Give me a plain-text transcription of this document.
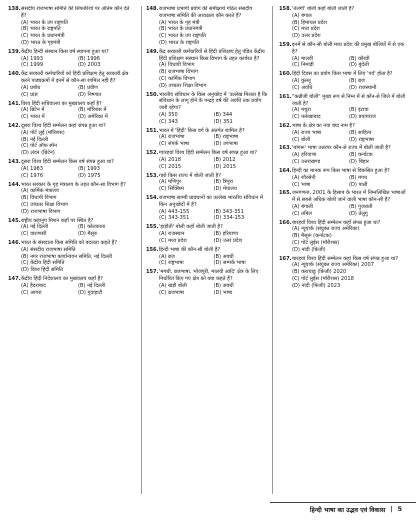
138. संसदीय राजभाषा समिति की सिफारिशों पर अंतिम कौन देते हैं?
(A) भारत के उप राष्ट्रपति
(B) भारत के राष्ट्रपति
(C) भारत के प्रधानमंत्री
(D) भारत के गृहमंत्री
139. केंद्रीय हिन्दी संस्थान किस वर्ष स्थापना हुआ था?
(A) 1993	(B) 1996
(C) 1999	(D) 2003
140. केंद्र सरकारी कर्मचारियों को हिंदी प्रशिक्षण हेतु सरकारी क्षेत्र करने पाठ्यक्रमों में इनमें से कौन-सा शामिल नहीं है?
(A) प्रबोध	(B) प्रवीण
(C) प्राज्ञ	(D) निष्णात
141. विश्व हिंदी सचिवालय का मुख्यालय कहाँ है?
(A) ब्रिटेन में	(B) मॉरिशस में
(C) भारत में	(D) अमेरिका में
142. दूसरा विश्व हिंदी सम्मेलन कहां संपन्न हुआ था?
(A) पोर्ट लुई (मॉरिशस)
(B) नई दिल्ली
(C) पोर्ट ऑफ स्पेन
(D) लंदन (ब्रिटेन)
143. दूसरा विश्व हिंदी सम्मेलन किस वर्ष संपन्न हुआ था?
(A) 1983	(B) 1993
(C) 1976	(D) 1975
144. भारत सरकार के गृह मंत्रालय के तहत कौन-सा विभाग है?
(A) कार्मिक मंत्रालय
(B) विधायी विभाग
(C) उच्चतर शिक्षा विभाग
(D) राजभाषा विभाग
145. राष्ट्रीय कहानुप मिशन कहाँ पर स्थित है?
(A) नई दिल्ली	(B) कोलकाता
(C) वाराणसी	(D) मैसूरु
146. भारत के संसदाता किस समिति को बदलता कहते हैं?
(A) संसदीय राजभाषा समिति
(B) नगर राजभाषा कार्यान्वयन समिति, नई दिल्ली
(C) केंद्रीय हिंदी समिति
(D) विश्व हिंदी समिति
147. केंद्रीय हिंदी निदेशालय का मुख्यालय कहाँ है?
(A) हैदराबाद	(B) नई दिल्ली
(C) आगरा	(D) गुवाहाटी
148. राजभाषा प्रभागी प्रयोग की समीक्षार्थ गठित संसदीय राजभाषा समिति की अध्यक्षता कौन करते हैं?
(A) भारत के गृह मंत्री
(B) भारत के प्रधानमंत्री
(C) भारत के उप राष्ट्रपति
(D) भारत के राष्ट्रपति
149. केंद्र सरकारी कर्मचारियों से हिंदी प्रशिक्षण हेतु पंडित केंद्रीय हिंदी प्रशिक्षण संस्थान किस विभाग के तहत कार्यरत है?
(A) विधायी विभाग
(B) राजभाषा विभाग
(C) कार्मिक विभाग
(D) उच्चतर शिक्षा विभाग
150. भारतीय संविधान के किस अनुच्छेद में 'उल्लेख मिलता है कि संविधान के लागू होने के पन्द्रह वर्ष की अवधि तक प्रयोग जारी रहेगा?
(A) 350	(B) 344
(C) 343	(D) 351
151. भारत में 'हिंदी' किस वर्ग के अंतर्गत शामिल है?
(A) राजभाषा	(B) राष्ट्रभाषा
(C) संपर्क भाषा	(D) उपभाषा
152. ग्यारहवां विश्व हिंदी सम्मेलन किस वर्ष संपन्न हुआ था?
(A) 2018	(B) 2012
(C) 2015	(D) 2015
153. गारो किस राज्य में बोली जाती है?
(A) मणिपुर	(B) त्रिपुरा
(C) सिक्किम	(D) मेघालय
154. राजभाषा साम्यी प्रावधानों का उल्लेख भारतीय संविधान में किन अनुच्छेदों में है?
(A) 443-155	(B) 343-351
(C) 343-351	(D) 334-153
155. 'हाड़ौती' बोली कहाँ बोली जाती है?
(A) राजस्थान	(B) हरियाणा
(C) मध्य प्रदेश	(D) उत्तर प्रदेश
156. हिन्दी भाषा की कौन-सी बोली है?
(A) ब्रज	(B) अवधी
(C) राष्ट्रभाषा	(D) सम्पर्क भाषा
157. 'मगधी, ब्रजभाषा, भोजपुरी, मालवी आदि' क्षेत्र के लिए निर्धारित किए गए क्षेत्र को क्या कहते हैं?
(A) खड़ी बोली	(B) अवधी
(C) ब्रजभाषा	(D) भाषा
158. 'तेलगी' बोली कहाँ बोली जाती है?
(A) बंगाल
(B) हिमाचल प्रदेश
(C) मध्य प्रदेश
(D) उत्तर प्रदेश
159. इनमें से कौन-सी बोली मध्य प्रदेश की प्रमुख बोलियों में से एक है?
(A) मालवी	(B) कौरवी
(C) निमाड़ी	(D) बुंदेली
160. हिंदी दिवस का प्रयोग किस भाषा में लिए 'पर्व' होता है?
(A) कुल्लू	(B) ब्रज
(C) अवधि	(D) राजस्थानी
161. "कन्नौजी बोली" मुख्य रूप से निम्न में से कौन-से जिले में बोली जाती है?
(A) मथुरा	(B) इटावा
(C) फर्रुखाबाद	(D) प्रयागराज
162. भाषा के क्षेत्र का नया क्या नाम है?
(A) राज्य भाषा	(B) साहित्य
(C) बोली	(D) राष्ट्रभाषा
163. 'बांगरू' भाषा उत्तरपर कौन-से राज्य में बोली जाती है?
(A) हरियाणा	(B) कर्नाटक
(C) उत्तराखण्ड	(D) बिहार
164. हिन्दी का मानक रूप किस भाषा से विकसित हुआ है?
(A) शौरसेनी	(B) मगध
(C) भाषा	(D) पाली
165. जनगणना, 2001 के हिसाब के भारत में निम्नलिखित भाषाओं में से सबसे अधिक बोली जाने वाली भाषा कौन-सी है?
(A) बंगाली	(B) गुजराती
(C) तमिल	(D) तेलुगु
166. बारहवाँ विश्व हिंदी सम्मेलन कहाँ संपन्न हुआ था?
(A) न्यूयार्क (संयुक्त राज्य अमेरिका)
(B) मैसूरू (कर्नाटक)
(C) पोर्ट लुईस (मॉरीशस)
(D) नांदी (फ़िजी)
167. बारहवां विश्व हिंदी सम्मेलन कहां किस वर्ष संपन्न हुआ था?
(A) न्यूयार्क (संयुक्त राज्य अमेरिका) 2007
(B) कराचाडु (फ़िजी) 2020
(C) पोर्ट लुईस (मॉरीशस) 2018
(D) नांदी (फिजी) 2023
हिन्दी भाषा का उद्भव एवं विकास | 5
